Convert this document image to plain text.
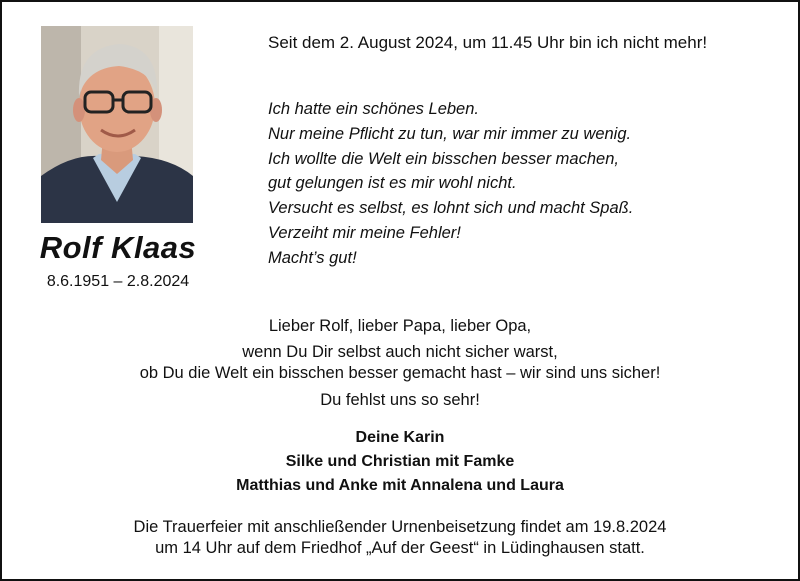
Rolf Klaas
8.6.1951 – 2.8.2024
Seit dem 2. August 2024, um 11.45 Uhr bin ich nicht mehr!
Ich hatte ein schönes Leben.
Nur meine Pflicht zu tun, war mir immer zu wenig.
Ich wollte die Welt ein bisschen besser machen,
gut gelungen ist es mir wohl nicht.
Versucht es selbst, es lohnt sich und macht Spaß.
Verzeiht mir meine Fehler!
Macht’s gut!
Lieber Rolf, lieber Papa, lieber Opa,
wenn Du Dir selbst auch nicht sicher warst,
ob Du die Welt ein bisschen besser gemacht hast – wir sind uns sicher!
Du fehlst uns so sehr!
Deine Karin
Silke und Christian mit Famke
Matthias und Anke mit Annalena und Laura
Die Trauerfeier mit anschließender Urnenbeisetzung findet am 19.8.2024
um 14 Uhr auf dem Friedhof „Auf der Geest“ in Lüdinghausen statt.
